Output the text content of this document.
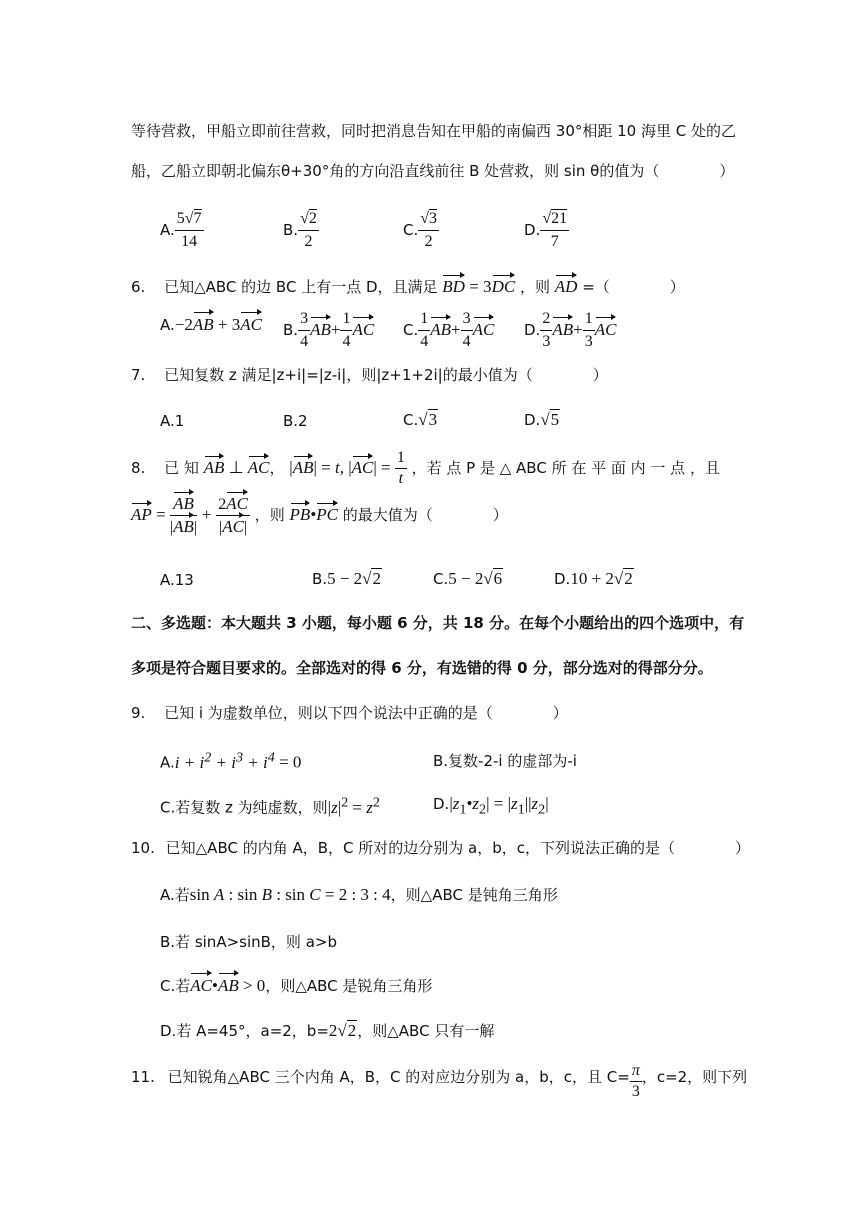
等待营救，甲船立即前往营救，同时把消息告知在甲船的南偏西 30°相距 10 海里 C 处的乙
船，乙船立即朝北偏东θ+30°角的方向沿直线前往 B 处营救，则 sin θ的值为（　　　　）
A. $\frac{5√7}{14}$	B. $\frac{√2}{2}$	C. $\frac{√3}{2}$	D. $\frac{√21}{7}$
6. 已知△ABC 的边 BC 上有一点 D，且满足 BD = 3DC ，则 AD =（　　　　）
A.−2AB + 3AC B. $\frac{3}{4} AB+ \frac{1}{4}$ AC C. $\frac{1}{4} AB+ \frac{3}{4}$ AC D. $\frac{2}{3} AB+ \frac{1}{3}$ AC
7. 已知复数 z 满足|z+i|=|z-i|，则|z+1+2i|的最小值为（　　　　）
A.1	B.2	C.√3	D.√5
8. 已 知 AB ⊥ AC， |AB| = t, $|AC| = \frac{1}{t}$ ，若 点 P 是 △ ABC 所 在 平 面 内 一 点 ，且
AP = $\frac{AB}{|AB|} + \frac{2AC}{|AC|}$ ，则 PB•PC 的最大值为（　　　　）
A.13	B.5 − 2√2	C.5 − 2√6	D.10 + 2√2
二、多选题：本大题共 3 小题，每小题 6 分，共 18 分。在每个小题给出的四个选项中，有
多项是符合题目要求的。全部选对的得 6 分，有选错的得 0 分，部分选对的得部分分。
9. 已知 i 为虚数单位，则以下四个说法中正确的是（　　　　）
$A.i + i^2 + i^3 + i^4 = 0$	B.复数-2-i 的虚部为-i
C.若复数 z 为纯虚数，则$|z|^2 = z^2$	$D.|z_1•z_2| = |z_1||z_2|$
10. 已知△ABC 的内角 A，B，C 所对的边分别为 a，b，c，下列说法正确的是（　　　　）
A.若sin A : sin B : sin C = 2 : 3 : 4，则△ABC 是钝角三角形
B.若 sinA>sinB，则 a>b
C.若AC•AB > 0，则△ABC 是锐角三角形
D.若 A=45°，a=2，b=2√2，则△ABC 只有一解
11. 已知锐角△ABC 三个内角 A，B，C 的对应边分别为 a，b，c，且 $C= \frac{\pi}{3}$ ，c=2，则下列
